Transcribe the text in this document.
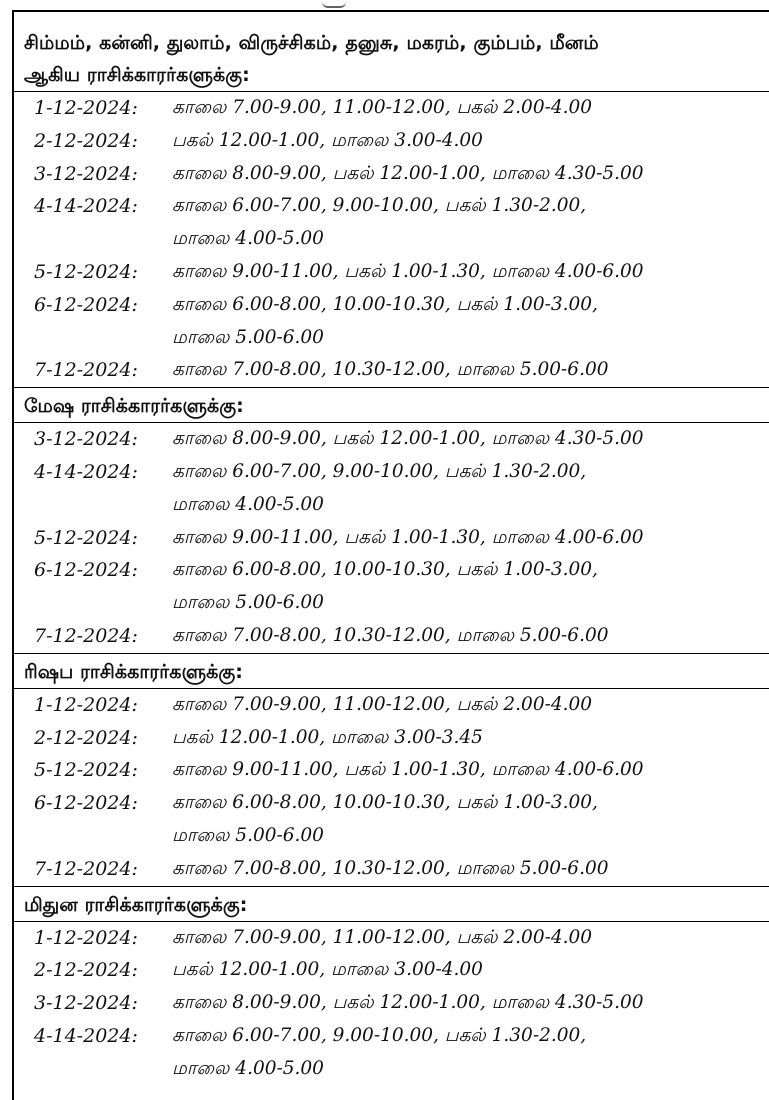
சிம்மம், கன்னி, துலாம், விருச்சிகம், தனுசு, மகரம், கும்பம், மீனம்
ஆகிய ராசிக்காரர்களுக்கு:
1-12-2024:	காலை 7.00-9.00, 11.00-12.00, பகல் 2.00-4.00
2-12-2024:	பகல் 12.00-1.00, மாலை 3.00-4.00
3-12-2024:	காலை 8.00-9.00, பகல் 12.00-1.00, மாலை 4.30-5.00
4-14-2024:	காலை 6.00-7.00, 9.00-10.00, பகல் 1.30-2.00,
மாலை 4.00-5.00
5-12-2024:	காலை 9.00-11.00, பகல் 1.00-1.30, மாலை 4.00-6.00
6-12-2024:	காலை 6.00-8.00, 10.00-10.30, பகல் 1.00-3.00,
மாலை 5.00-6.00
7-12-2024:	காலை 7.00-8.00, 10.30-12.00, மாலை 5.00-6.00
மேஷ ராசிக்காரர்களுக்கு:
3-12-2024:	காலை 8.00-9.00, பகல் 12.00-1.00, மாலை 4.30-5.00
4-14-2024:	காலை 6.00-7.00, 9.00-10.00, பகல் 1.30-2.00,
மாலை 4.00-5.00
5-12-2024:	காலை 9.00-11.00, பகல் 1.00-1.30, மாலை 4.00-6.00
6-12-2024:	காலை 6.00-8.00, 10.00-10.30, பகல் 1.00-3.00,
மாலை 5.00-6.00
7-12-2024:	காலை 7.00-8.00, 10.30-12.00, மாலை 5.00-6.00
ரிஷப ராசிக்காரர்களுக்கு:
1-12-2024:	காலை 7.00-9.00, 11.00-12.00, பகல் 2.00-4.00
2-12-2024:	பகல் 12.00-1.00, மாலை 3.00-3.45
5-12-2024:	காலை 9.00-11.00, பகல் 1.00-1.30, மாலை 4.00-6.00
6-12-2024:	காலை 6.00-8.00, 10.00-10.30, பகல் 1.00-3.00,
மாலை 5.00-6.00
7-12-2024:	காலை 7.00-8.00, 10.30-12.00, மாலை 5.00-6.00
மிதுன ராசிக்காரர்களுக்கு:
1-12-2024:	காலை 7.00-9.00, 11.00-12.00, பகல் 2.00-4.00
2-12-2024:	பகல் 12.00-1.00, மாலை 3.00-4.00
3-12-2024:	காலை 8.00-9.00, பகல் 12.00-1.00, மாலை 4.30-5.00
4-14-2024:	காலை 6.00-7.00, 9.00-10.00, பகல் 1.30-2.00,
மாலை 4.00-5.00
